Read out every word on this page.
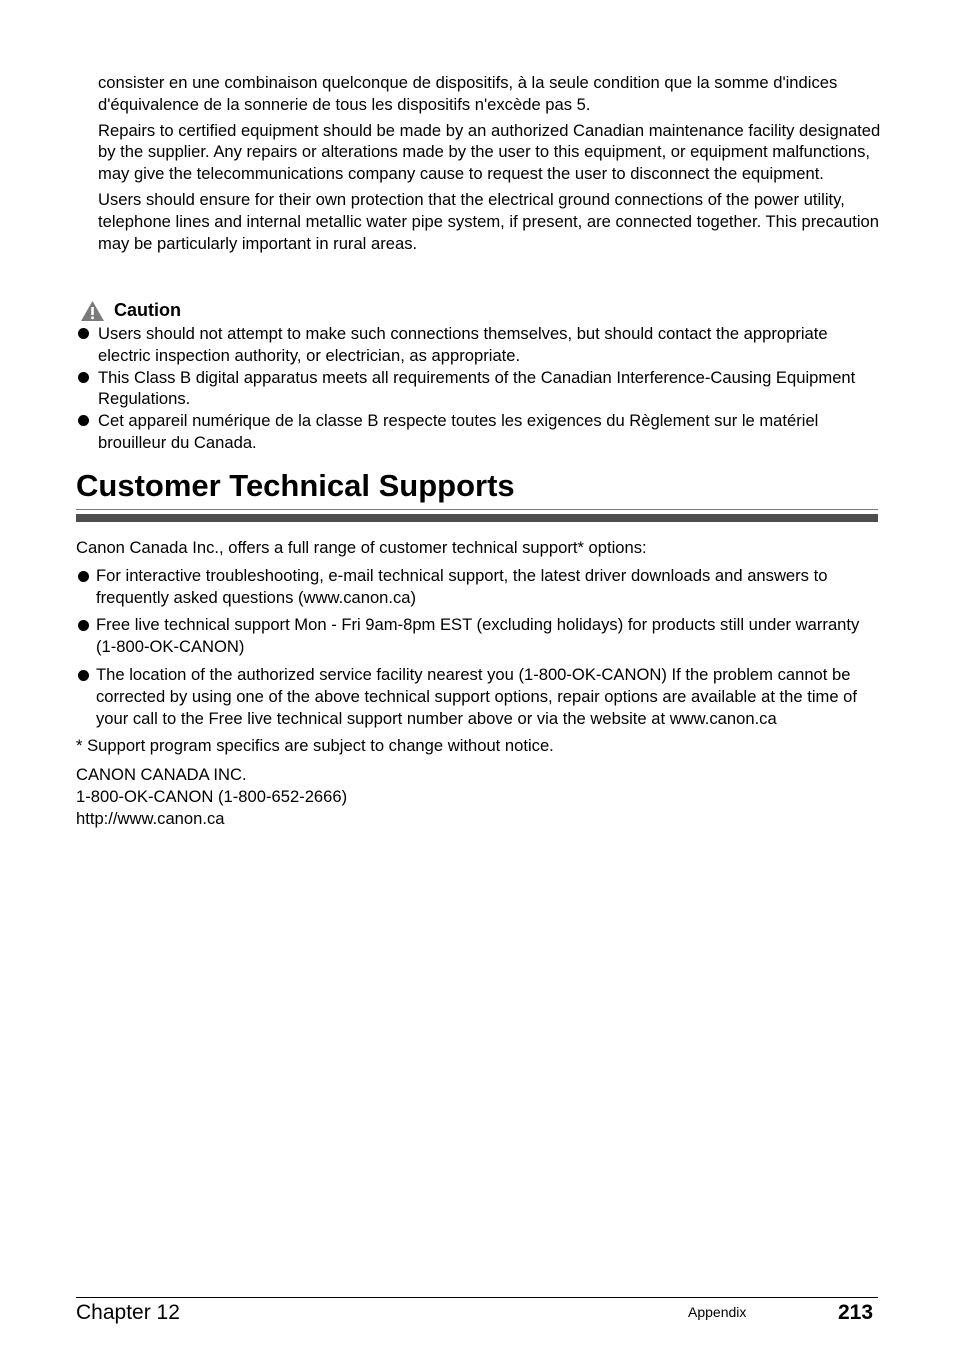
consister en une combinaison quelconque de dispositifs, à la seule condition que la somme d'indices d'équivalence de la sonnerie de tous les dispositifs n'excède pas 5.

Repairs to certified equipment should be made by an authorized Canadian maintenance facility designated by the supplier. Any repairs or alterations made by the user to this equipment, or equipment malfunctions, may give the telecommunications company cause to request the user to disconnect the equipment.

Users should ensure for their own protection that the electrical ground connections of the power utility, telephone lines and internal metallic water pipe system, if present, are connected together. This precaution may be particularly important in rural areas.

Caution
Users should not attempt to make such connections themselves, but should contact the appropriate electric inspection authority, or electrician, as appropriate.
This Class B digital apparatus meets all requirements of the Canadian Interference-Causing Equipment Regulations.
Cet appareil numérique de la classe B respecte toutes les exigences du Règlement sur le matériel brouilleur du Canada.
Customer Technical Supports

Canon Canada Inc., offers a full range of customer technical support* options:

For interactive troubleshooting, e-mail technical support, the latest driver downloads and answers to frequently asked questions (www.canon.ca)
Free live technical support Mon - Fri 9am-8pm EST (excluding holidays) for products still under warranty (1-800-OK-CANON)
The location of the authorized service facility nearest you (1-800-OK-CANON) If the problem cannot be corrected by using one of the above technical support options, repair options are available at the time of your call to the Free live technical support number above or via the website at www.canon.ca

* Support program specifics are subject to change without notice.

CANON CANADA INC.

1-800-OK-CANON (1-800-652-2666)

http://www.canon.ca

Chapter 12	Appendix	213
